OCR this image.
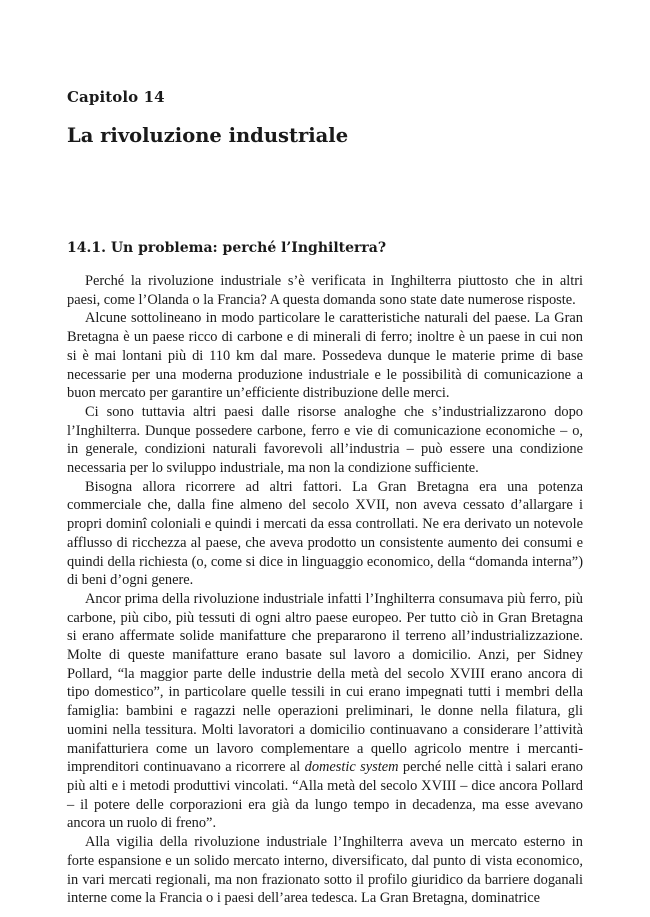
Capitolo 14
La rivoluzione industriale
14.1. Un problema: perché l’Inghilterra?

Perché la rivoluzione industriale s’è verificata in Inghilterra piuttosto che in altri paesi, come l’Olanda o la Francia? A questa domanda sono state date numerose risposte.

Alcune sottolineano in modo particolare le caratteristiche naturali del paese. La Gran Bretagna è un paese ricco di carbone e di minerali di ferro; inoltre è un paese in cui non si è mai lontani più di 110 km dal mare. Possedeva dunque le materie prime di base necessarie per una moderna produzione industriale e le possibilità di comunicazione a buon mercato per garantire un’efficiente distribuzione delle merci.

Ci sono tuttavia altri paesi dalle risorse analoghe che s’industrializzarono dopo l’Inghilterra. Dunque possedere carbone, ferro e vie di comunicazione economiche – o, in generale, condizioni naturali favorevoli all’industria – può essere una condizione necessaria per lo sviluppo industriale, ma non la condizione sufficiente.

Bisogna allora ricorrere ad altri fattori. La Gran Bretagna era una potenza commerciale che, dalla fine almeno del secolo XVII, non aveva cessato d’allargare i propri dominî coloniali e quindi i mercati da essa controllati. Ne era derivato un notevole afflusso di ricchezza al paese, che aveva prodotto un consistente aumento dei consumi e quindi della richiesta (o, come si dice in linguaggio economico, della “domanda interna”) di beni d’ogni genere.

Ancor prima della rivoluzione industriale infatti l’Inghilterra consumava più ferro, più carbone, più cibo, più tessuti di ogni altro paese europeo. Per tutto ciò in Gran Bretagna si erano affermate solide manifatture che prepararono il terreno all’industrializzazione. Molte di queste manifatture erano basate sul lavoro a domicilio. Anzi, per Sidney Pollard, “la maggior parte delle industrie della metà del secolo XVIII erano ancora di tipo domestico”, in particolare quelle tessili in cui erano impegnati tutti i membri della famiglia: bambini e ragazzi nelle operazioni preliminari, le donne nella filatura, gli uomini nella tessitura. Molti lavoratori a domicilio continuavano a considerare l’attività manifatturiera come un lavoro complementare a quello agricolo mentre i mercanti-imprenditori continuavano a ricorrere al domestic system perché nelle città i salari erano più alti e i metodi produttivi vincolati. “Alla metà del secolo XVIII – dice ancora Pollard – il potere delle corporazioni era già da lungo tempo in decadenza, ma esse avevano ancora un ruolo di freno”.

Alla vigilia della rivoluzione industriale l’Inghilterra aveva un mercato esterno in forte espansione e un solido mercato interno, diversificato, dal punto di vista economico, in vari mercati regionali, ma non frazionato sotto il profilo giuridico da barriere doganali interne come la Francia o i paesi dell’area tedesca. La Gran Bretagna, dominatrice
